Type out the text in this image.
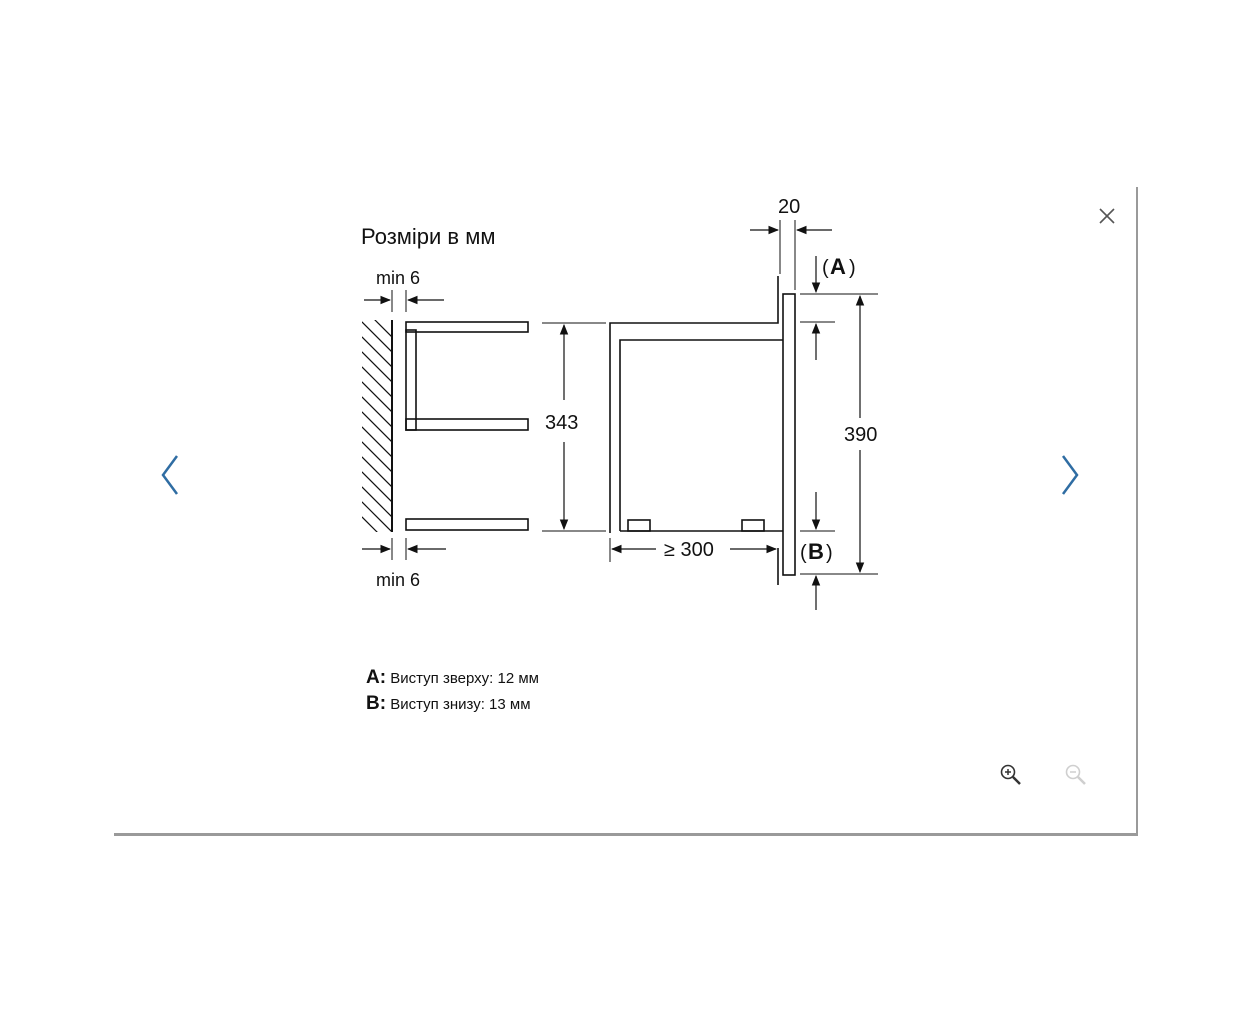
Розміри в мм
min 6
min 6
343
≥ 300
20
( A )
( B )
390
A: Виступ зверху: 12 мм
B: Виступ знизу: 13 мм
